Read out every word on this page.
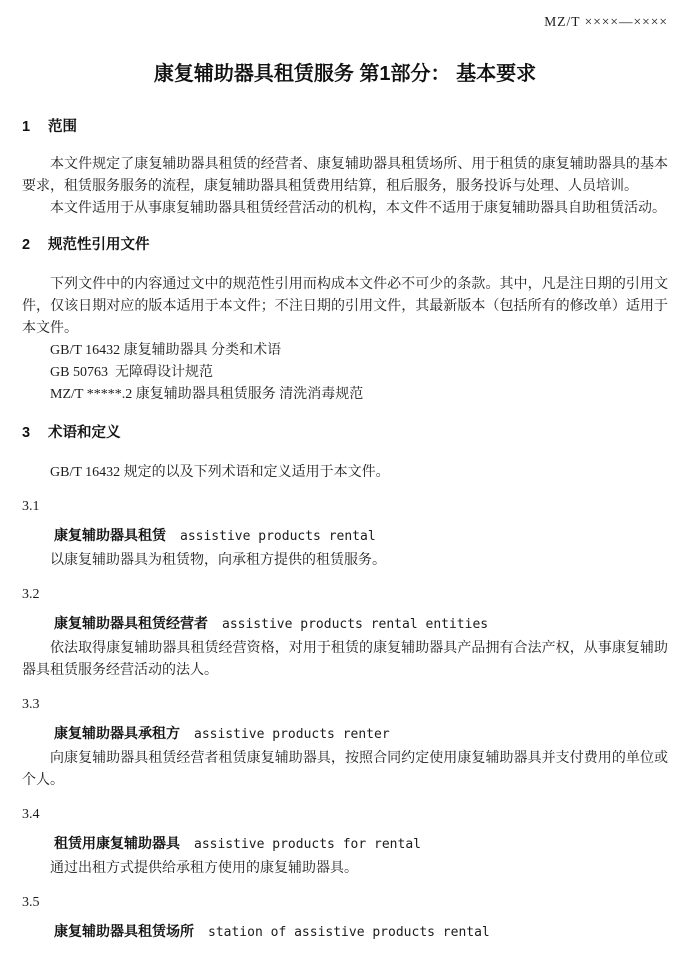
MZ/T ××××—××××
康复辅助器具租赁服务 第1部分： 基本要求
1 范围

本文件规定了康复辅助器具租赁的经营者、康复辅助器具租赁场所、用于租赁的康复辅助器具的基本要求，租赁服务服务的流程，康复辅助器具租赁费用结算，租后服务，服务投诉与处理、人员培训。

本文件适用于从事康复辅助器具租赁经营活动的机构，本文件不适用于康复辅助器具自助租赁活动。

2 规范性引用文件

下列文件中的内容通过文中的规范性引用而构成本文件必不可少的条款。其中，凡是注日期的引用文件，仅该日期对应的版本适用于本文件；不注日期的引用文件，其最新版本（包括所有的修改单）适用于本文件。

GB/T 16432 康复辅助器具 分类和术语

GB 50763  无障碍设计规范

MZ/T *****.2 康复辅助器具租赁服务 清洗消毒规范

3 术语和定义

GB/T 16432 规定的以及下列术语和定义适用于本文件。

3.1
康复辅助器具租赁 assistive products rental

以康复辅助器具为租赁物，向承租方提供的租赁服务。

3.2
康复辅助器具租赁经营者 assistive products rental entities

依法取得康复辅助器具租赁经营资格，对用于租赁的康复辅助器具产品拥有合法产权，从事康复辅助器具租赁服务经营活动的法人。

3.3
康复辅助器具承租方 assistive products renter

向康复辅助器具租赁经营者租赁康复辅助器具，按照合同约定使用康复辅助器具并支付费用的单位或个人。

3.4
租赁用康复辅助器具 assistive products for rental

通过出租方式提供给承租方使用的康复辅助器具。

3.5
康复辅助器具租赁场所 station of assistive products rental
